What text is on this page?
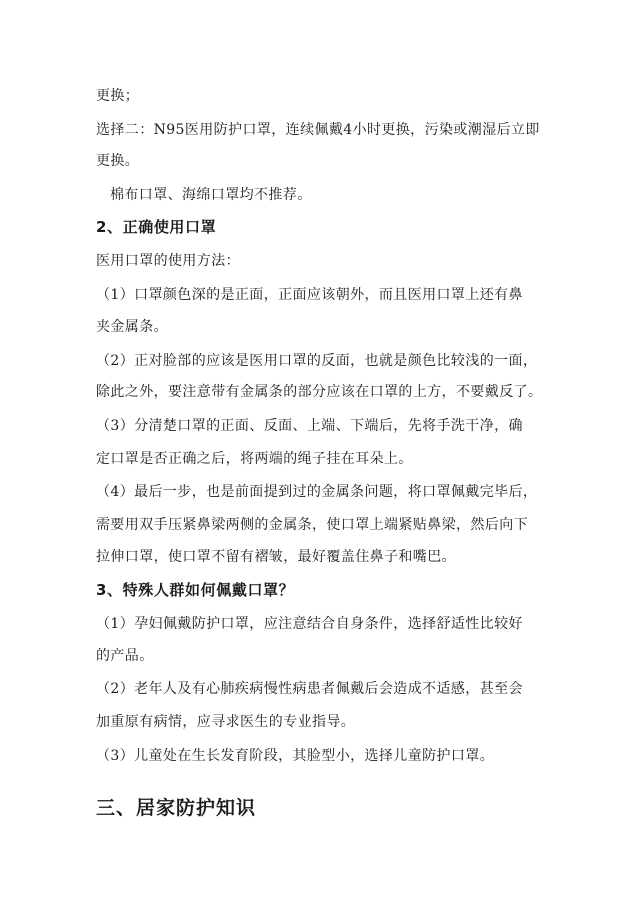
更换；
选择二：N95医用防护口罩，连续佩戴4小时更换，污染或潮湿后立即
更换。
棉布口罩、海绵口罩均不推荐。
2、正确使用口罩
医用口罩的使用方法：
（1）口罩颜色深的是正面，正面应该朝外，而且医用口罩上还有鼻
夹金属条。
（2）正对脸部的应该是医用口罩的反面，也就是颜色比较浅的一面，
除此之外，要注意带有金属条的部分应该在口罩的上方，不要戴反了。
（3）分清楚口罩的正面、反面、上端、下端后，先将手洗干净，确
定口罩是否正确之后，将两端的绳子挂在耳朵上。
（4）最后一步，也是前面提到过的金属条问题，将口罩佩戴完毕后，
需要用双手压紧鼻梁两侧的金属条，使口罩上端紧贴鼻梁，然后向下
拉伸口罩，使口罩不留有褶皱，最好覆盖住鼻子和嘴巴。
3、特殊人群如何佩戴口罩？
（1）孕妇佩戴防护口罩，应注意结合自身条件，选择舒适性比较好
的产品。
（2）老年人及有心肺疾病慢性病患者佩戴后会造成不适感，甚至会
加重原有病情，应寻求医生的专业指导。
（3）儿童处在生长发育阶段，其脸型小，选择儿童防护口罩。
三、居家防护知识
